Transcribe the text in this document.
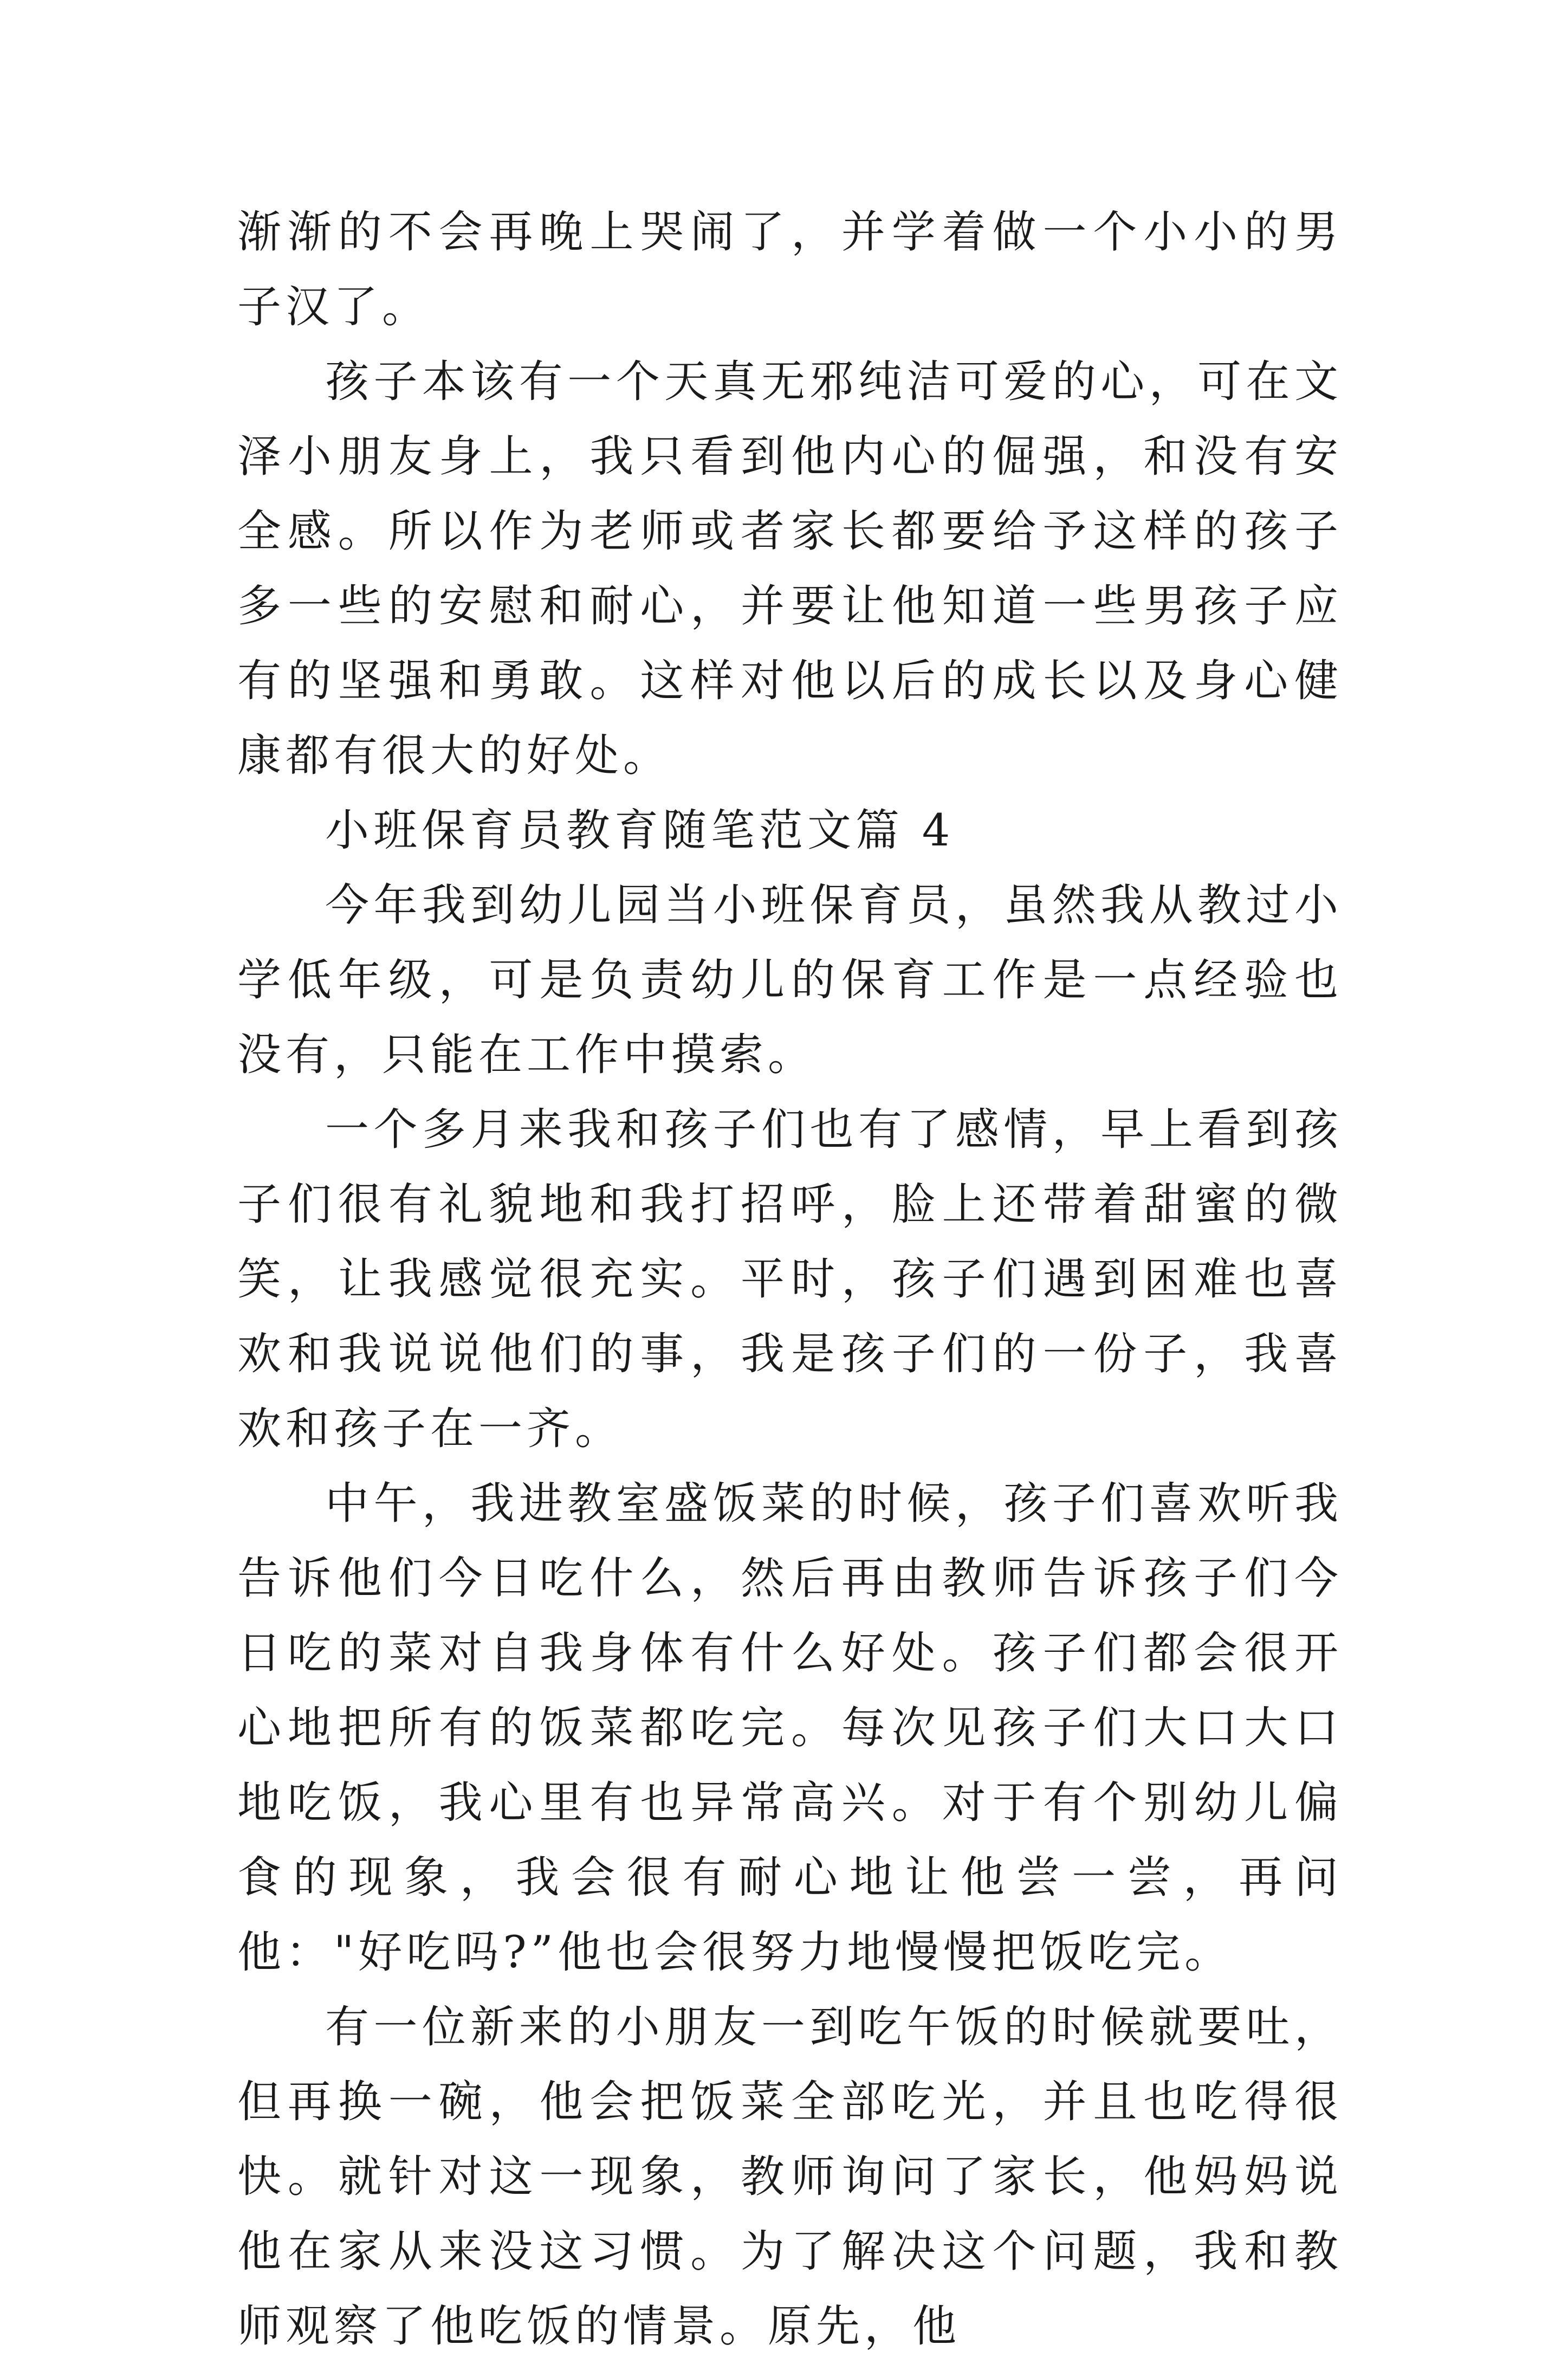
渐渐的不会再晚上哭闹了，并学着做一个小小的男子汉了。

孩子本该有一个天真无邪纯洁可爱的心，可在文泽小朋友身上，我只看到他内心的倔强，和没有安全感。所以作为老师或者家长都要给予这样的孩子多一些的安慰和耐心，并要让他知道一些男孩子应有的坚强和勇敢。这样对他以后的成长以及身心健康都有很大的好处。

小班保育员教育随笔范文篇 4

今年我到幼儿园当小班保育员，虽然我从教过小学低年级，可是负责幼儿的保育工作是一点经验也没有，只能在工作中摸索。

一个多月来我和孩子们也有了感情，早上看到孩子们很有礼貌地和我打招呼，脸上还带着甜蜜的微笑，让我感觉很充实。平时，孩子们遇到困难也喜欢和我说说他们的事，我是孩子们的一份子，我喜欢和孩子在一齐。

中午，我进教室盛饭菜的时候，孩子们喜欢听我告诉他们今日吃什么，然后再由教师告诉孩子们今日吃的菜对自我身体有什么好处。孩子们都会很开心地把所有的饭菜都吃完。每次见孩子们大口大口地吃饭，我心里有也异常高兴。对于有个别幼儿偏食的现象，我会很有耐心地让他尝一尝，再问他："好吃吗?”他也会很努力地慢慢把饭吃完。

有一位新来的小朋友一到吃午饭的时候就要吐，但再换一碗，他会把饭菜全部吃光，并且也吃得很快。就针对这一现象，教师询问了家长，他妈妈说他在家从来没这习惯。为了解决这个问题，我和教师观察了他吃饭的情景。原先，他
